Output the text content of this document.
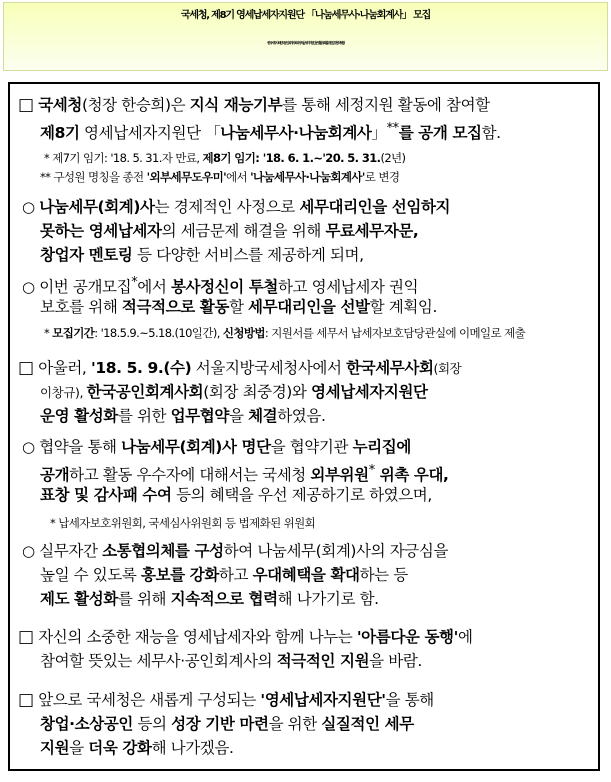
국세청, 제8기 영세납세자지원단 「나눔세무사·나눔회계사」 모집
- 한국세무사회·한국공인회계사회와 영세납세자지원단 운영 활성화를 위한 업무협약 체결 -
□ 국세청(청장 한승희)은 지식 재능기부를 통해 세정지원 활동에 참여할
제8기 영세납세자지원단 「나눔세무사·나눔회계사」**를 공개 모집함.
* 제7기 임기: '18. 5. 31.자 만료, 제8기 임기: '18. 6. 1.~'20. 5. 31.(2년)
** 구성원 명칭을 종전 '외부세무도우미'에서 '나눔세무사·나눔회계사'로 변경
○ 나눔세무(회계)사는 경제적인 사정으로 세무대리인을 선임하지
못하는 영세납세자의 세금문제 해결을 위해 무료세무자문,
창업자 멘토링 등 다양한 서비스를 제공하게 되며,
○ 이번 공개모집*에서 봉사정신이 투철하고 영세납세자 권익
보호를 위해 적극적으로 활동할 세무대리인을 선발할 계획임.
* 모집기간: '18.5.9.~5.18.(10일간), 신청방법: 지원서를 세무서 납세자보호담당관실에 이메일로 제출
□ 아울러, '18. 5. 9.(수) 서울지방국세청사에서 한국세무사회(회장
이창규), 한국공인회계사회(회장 최중경)와 영세납세자지원단
운영 활성화를 위한 업무협약을 체결하였음.
○ 협약을 통해 나눔세무(회계)사 명단을 협약기관 누리집에
공개하고 활동 우수자에 대해서는 국세청 외부위원* 위촉 우대,
표창 및 감사패 수여 등의 혜택을 우선 제공하기로 하였으며,
* 납세자보호위원회, 국세심사위원회 등 법제화된 위원회
○ 실무자간 소통협의체를 구성하여 나눔세무(회계)사의 자긍심을
높일 수 있도록 홍보를 강화하고 우대혜택을 확대하는 등
제도 활성화를 위해 지속적으로 협력해 나가기로 함.
□ 자신의 소중한 재능을 영세납세자와 함께 나누는 '아름다운 동행'에
참여할 뜻있는 세무사·공인회계사의 적극적인 지원을 바람.
□ 앞으로 국세청은 새롭게 구성되는 '영세납세자지원단'을 통해
창업·소상공인 등의 성장 기반 마련을 위한 실질적인 세무
지원을 더욱 강화해 나가겠음.
